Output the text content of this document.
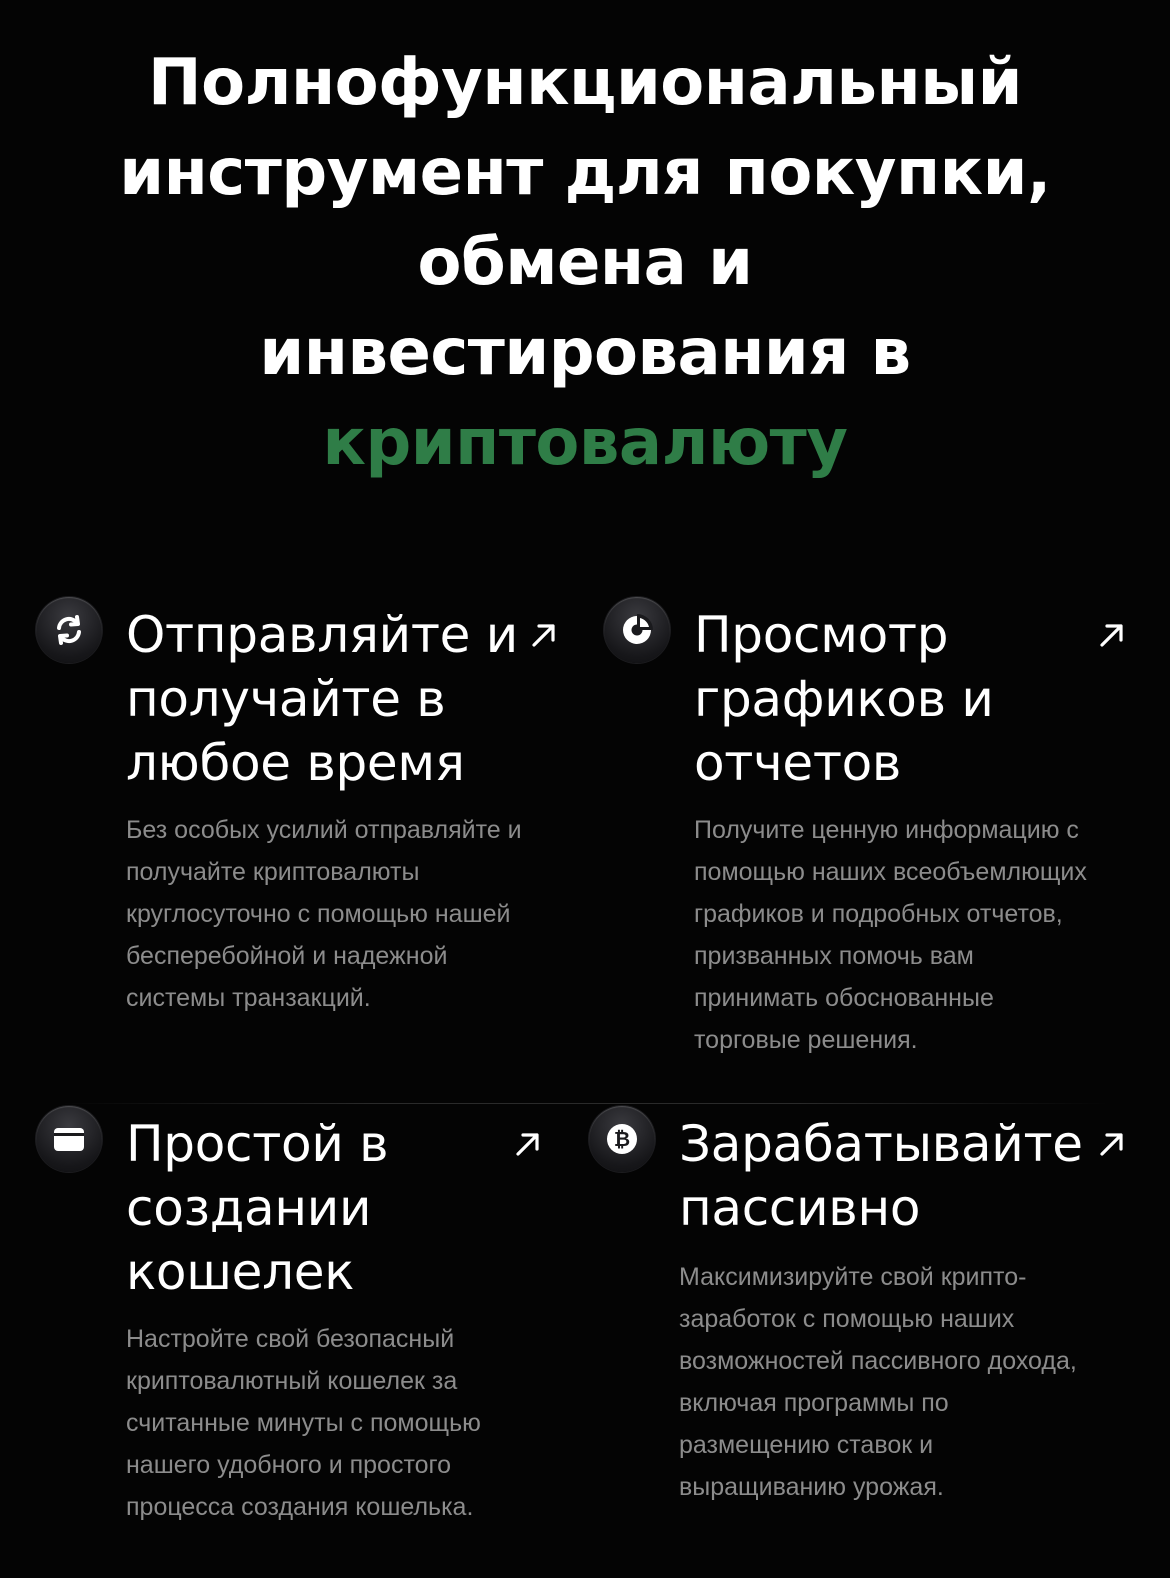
Полнофункциональный
инструмент для покупки,
обмена и
инвестирования в
криптовалюту
Отправляйте и
получайте в
любое время

Без особых усилий отправляйте и
получайте криптовалюты
круглосуточно с помощью нашей
бесперебойной и надежной
системы транзакций.

Просмотр
графиков и
отчетов

Получите ценную информацию с
помощью наших всеобъемлющих
графиков и подробных отчетов,
призванных помочь вам
принимать обоснованные
торговые решения.

Простой в
создании
кошелек

Настройте свой безопасный
криптовалютный кошелек за
считанные минуты с помощью
нашего удобного и простого
процесса создания кошелька.

₿ Зарабатывайте
пассивно

Максимизируйте свой крипто-
заработок с помощью наших
возможностей пассивного дохода,
включая программы по
размещению ставок и
выращиванию урожая.
